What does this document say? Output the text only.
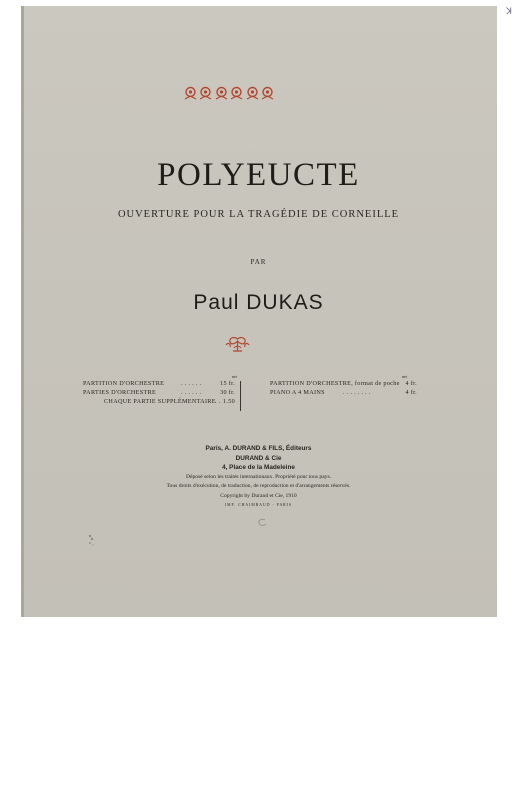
ꓘ
POLYEUCTE
OUVERTURE POUR LA TRAGÉDIE DE CORNEILLE
PAR
Paul DUKAS
net	net
PARTITION D'ORCHESTRE	. . . . . .	15 fr.
PARTIES D'ORCHESTRE	. . . . . .	30 fr.
CHAQUE PARTIE SUPPLÉMENTAIRE . . 1.50
PARTITION D'ORCHESTRE, format de poche 4 fr.
PIANO A 4 MAINS	. . . . . . . .	4 fr.
Paris, A. DURAND & FILS, Éditeurs
DURAND & Cie
4, Place de la Madeleine
Déposé selon les traités internationaux. Propriété pour tous pays.
Tous droits d'exécution, de traduction, de reproduction et d'arrangements réservés.
Copyright by Durand et Cie, 1910
IMP. CHAIMBAUD - PARIS
